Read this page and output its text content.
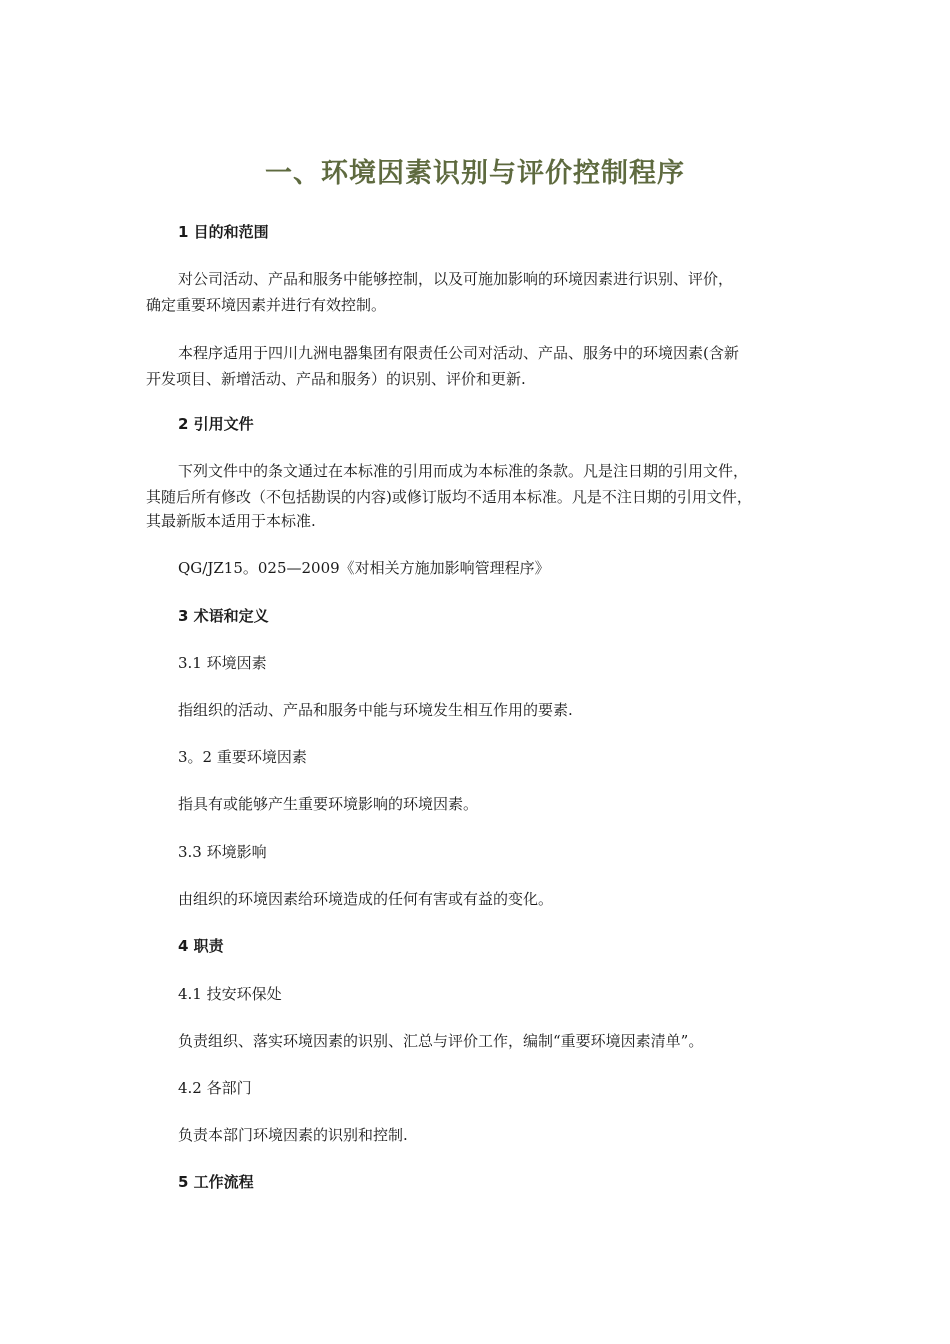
一、环境因素识别与评价控制程序
1 目的和范围
对公司活动、产品和服务中能够控制，以及可施加影响的环境因素进行识别、评价，
确定重要环境因素并进行有效控制。
本程序适用于四川九洲电器集团有限责任公司对活动、产品、服务中的环境因素(含新
开发项目、新增活动、产品和服务）的识别、评价和更新.
2 引用文件
下列文件中的条文通过在本标准的引用而成为本标准的条款。凡是注日期的引用文件，
其随后所有修改（不包括勘误的内容)或修订版均不适用本标准。凡是不注日期的引用文件，
其最新版本适用于本标准.
QG/JZ15。025—2009《对相关方施加影响管理程序》
3 术语和定义
3.1 环境因素
指组织的活动、产品和服务中能与环境发生相互作用的要素.
3。2 重要环境因素
指具有或能够产生重要环境影响的环境因素。
3.3 环境影响
由组织的环境因素给环境造成的任何有害或有益的变化。
4 职责
4.1 技安环保处
负责组织、落实环境因素的识别、汇总与评价工作，编制“重要环境因素清单”。
4.2 各部门
负责本部门环境因素的识别和控制.
5 工作流程
